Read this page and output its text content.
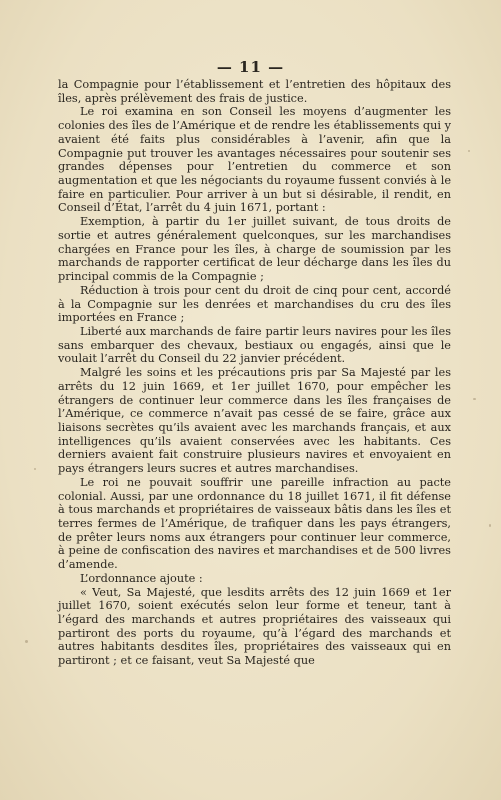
— 11 —

la Compagnie pour l’établissement et l’entretien des hôpitaux des îles, après prélèvement des frais de justice.

Le roi examina en son Conseil les moyens d’augmenter les colonies des îles de l’Amérique et de rendre les établissements qui y avaient été faits plus considérables à l’avenir, afin que la Compagnie put trouver les avantages nécessaires pour soutenir ses grandes dépenses pour l’entretien du commerce et son augmentation et que les négociants du royaume fussent conviés à le faire en particulier. Pour arriver à un but si désirable, il rendit, en Conseil d’État, l’arrêt du 4 juin 1671, portant :

Exemption, à partir du 1er juillet suivant, de tous droits de sortie et autres généralement quelconques, sur les marchandises chargées en France pour les îles, à charge de soumission par les marchands de rapporter certificat de leur décharge dans les îles du principal commis de la Compagnie ;

Réduction à trois pour cent du droit de cinq pour cent, accordé à la Compagnie sur les denrées et marchandises du cru des îles importées en France ;

Liberté aux marchands de faire partir leurs navires pour les îles sans embarquer des chevaux, bestiaux ou engagés, ainsi que le voulait l’arrêt du Conseil du 22 janvier précédent.

Malgré les soins et les précautions pris par Sa Majesté par les arrêts du 12 juin 1669, et 1er juillet 1670, pour empêcher les étrangers de continuer leur commerce dans les îles françaises de l’Amérique, ce commerce n’avait pas cessé de se faire, grâce aux liaisons secrètes qu’ils avaient avec les marchands français, et aux intelligences qu’ils avaient conservées avec les habitants. Ces derniers avaient fait construire plusieurs navires et envoyaient en pays étrangers leurs sucres et autres marchandises.

Le roi ne pouvait souffrir une pareille infraction au pacte colonial. Aussi, par une ordonnance du 18 juillet 1671, il fit défense à tous marchands et propriétaires de vaisseaux bâtis dans les îles et terres fermes de l’Amérique, de trafiquer dans les pays étrangers, de prêter leurs noms aux étrangers pour continuer leur commerce, à peine de confiscation des navires et marchandises et de 500 livres d’amende.

L’ordonnance ajoute :

« Veut, Sa Majesté, que lesdits arrêts des 12 juin 1669 et 1er juillet 1670, soient exécutés selon leur forme et teneur, tant à l’égard des marchands et autres propriétaires des vaisseaux qui partiront des ports du royaume, qu’à l’égard des marchands et autres habitants desdites îles, propriétaires des vaisseaux qui en partiront ; et ce faisant, veut Sa Majesté que
